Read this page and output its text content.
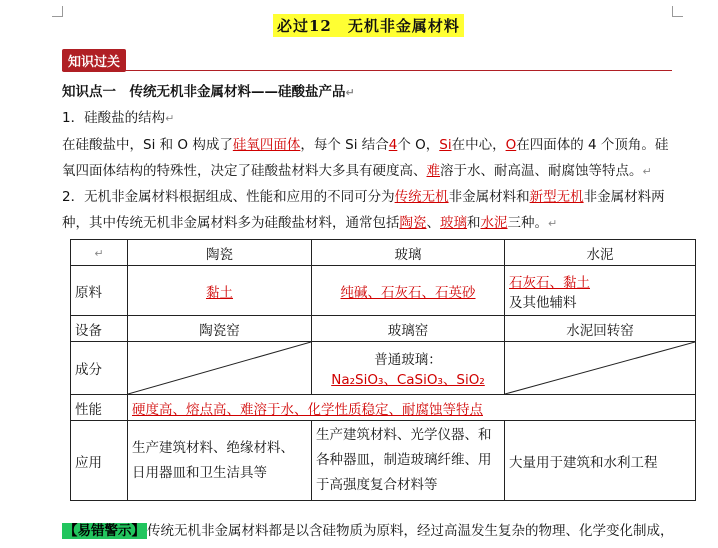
必过12　无机非金属材料
知识过关
知识点一　传统无机非金属材料——硅酸盐产品↵
1．硅酸盐的结构↵
在硅酸盐中，Si 和 O 构成了硅氧四面体，每个 Si 结合4个 O，Si在中心，O在四面体的 4 个顶角。硅
氧四面体结构的特殊性，决定了硅酸盐材料大多具有硬度高、难溶于水、耐高温、耐腐蚀等特点。↵
2．无机非金属材料根据组成、性能和应用的不同可分为传统无机非金属材料和新型无机非金属材料两
种，其中传统无机非金属材料多为硅酸盐材料，通常包括陶瓷、玻璃和水泥三种。↵
↵	陶瓷	玻璃	水泥
原料	黏土	纯碱、石灰石、石英砂	石灰石、黏土
及其他辅料

设备	陶瓷窑	玻璃窑	水泥回转窑
成分		普通玻璃：
Na₂SiO₃、CaSiO₃、SiO₂

性能	硬度高、熔点高、难溶于水、化学性质稳定、耐腐蚀等特点		
应用	生产建筑材料、绝缘材料、日用器皿和卫生洁具等	生产建筑材料、光学仪器、和各种器皿，制造玻璃纤维、用于高强度复合材料等	大量用于建筑和水利工程
【易错警示】 传统无机非金属材料都是以含硅物质为原料，经过高温发生复杂的物理、化学变化制成，
